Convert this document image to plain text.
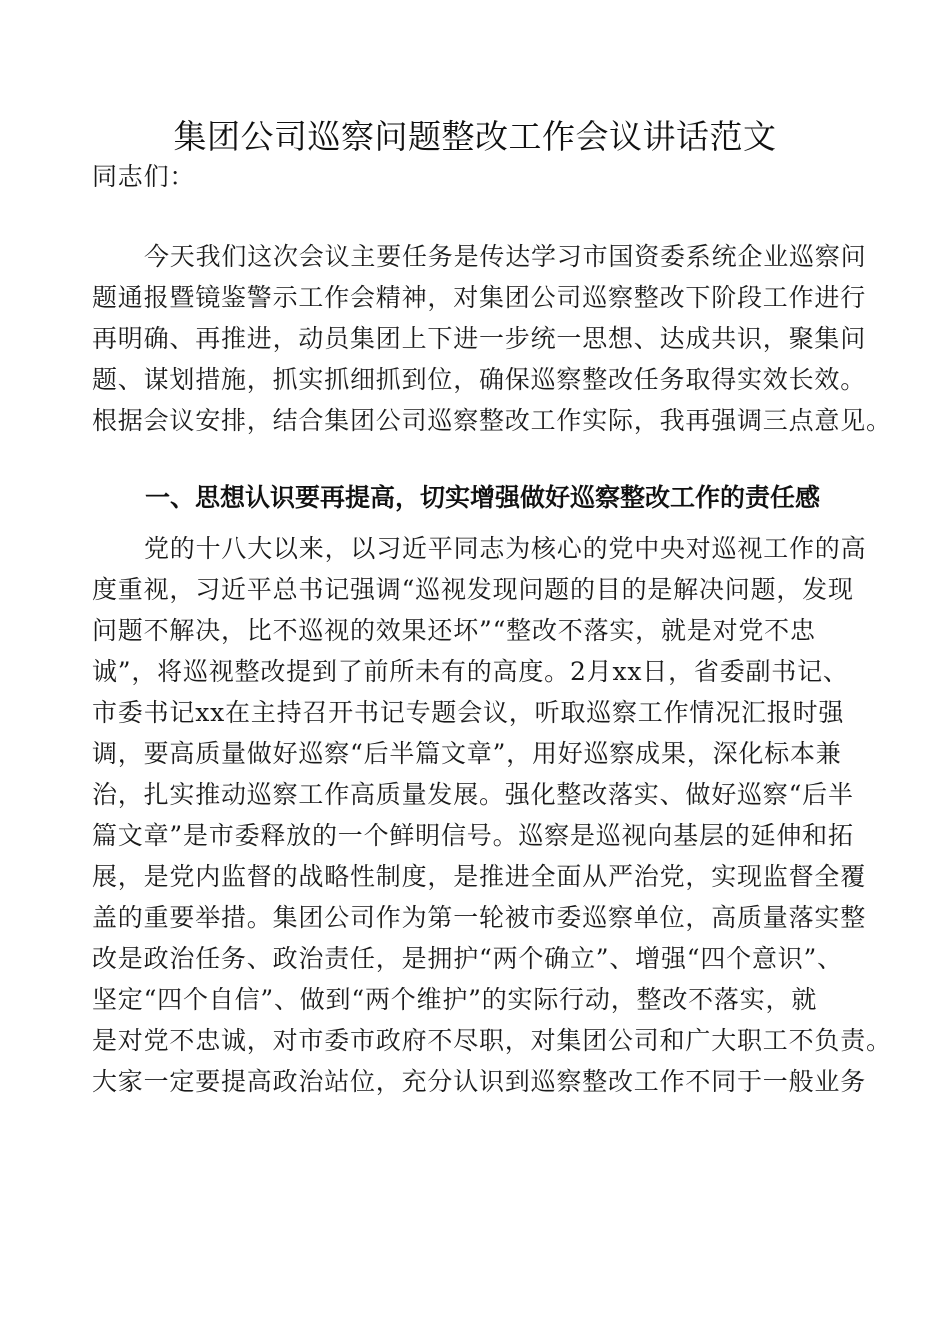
集团公司巡察问题整改工作会议讲话范文

同志们：

今天我们这次会议主要任务是传达学习市国资委系统企业巡察问
题通报暨镜鉴警示工作会精神，对集团公司巡察整改下阶段工作进行
再明确、再推进，动员集团上下进一步统一思想、达成共识，聚集问
题、谋划措施，抓实抓细抓到位，确保巡察整改任务取得实效长效。
根据会议安排，结合集团公司巡察整改工作实际，我再强调三点意见。
一、思想认识要再提高，切实增强做好巡察整改工作的责任感
党的十八大以来，以习近平同志为核心的党中央对巡视工作的高
度重视，习近平总书记强调“巡视发现问题的目的是解决问题，发现
问题不解决，比不巡视的效果还坏”“整改不落实，就是对党不忠
诚”，将巡视整改提到了前所未有的高度。2月xx日，省委副书记、
市委书记xx在主持召开书记专题会议，听取巡察工作情况汇报时强
调，要高质量做好巡察“后半篇文章”，用好巡察成果，深化标本兼
治，扎实推动巡察工作高质量发展。强化整改落实、做好巡察“后半
篇文章”是市委释放的一个鲜明信号。巡察是巡视向基层的延伸和拓
展，是党内监督的战略性制度，是推进全面从严治党，实现监督全覆
盖的重要举措。集团公司作为第一轮被市委巡察单位，高质量落实整
改是政治任务、政治责任，是拥护“两个确立”、增强“四个意识”、
坚定“四个自信”、做到“两个维护”的实际行动，整改不落实，就
是对党不忠诚，对市委市政府不尽职，对集团公司和广大职工不负责。
大家一定要提高政治站位，充分认识到巡察整改工作不同于一般业务
